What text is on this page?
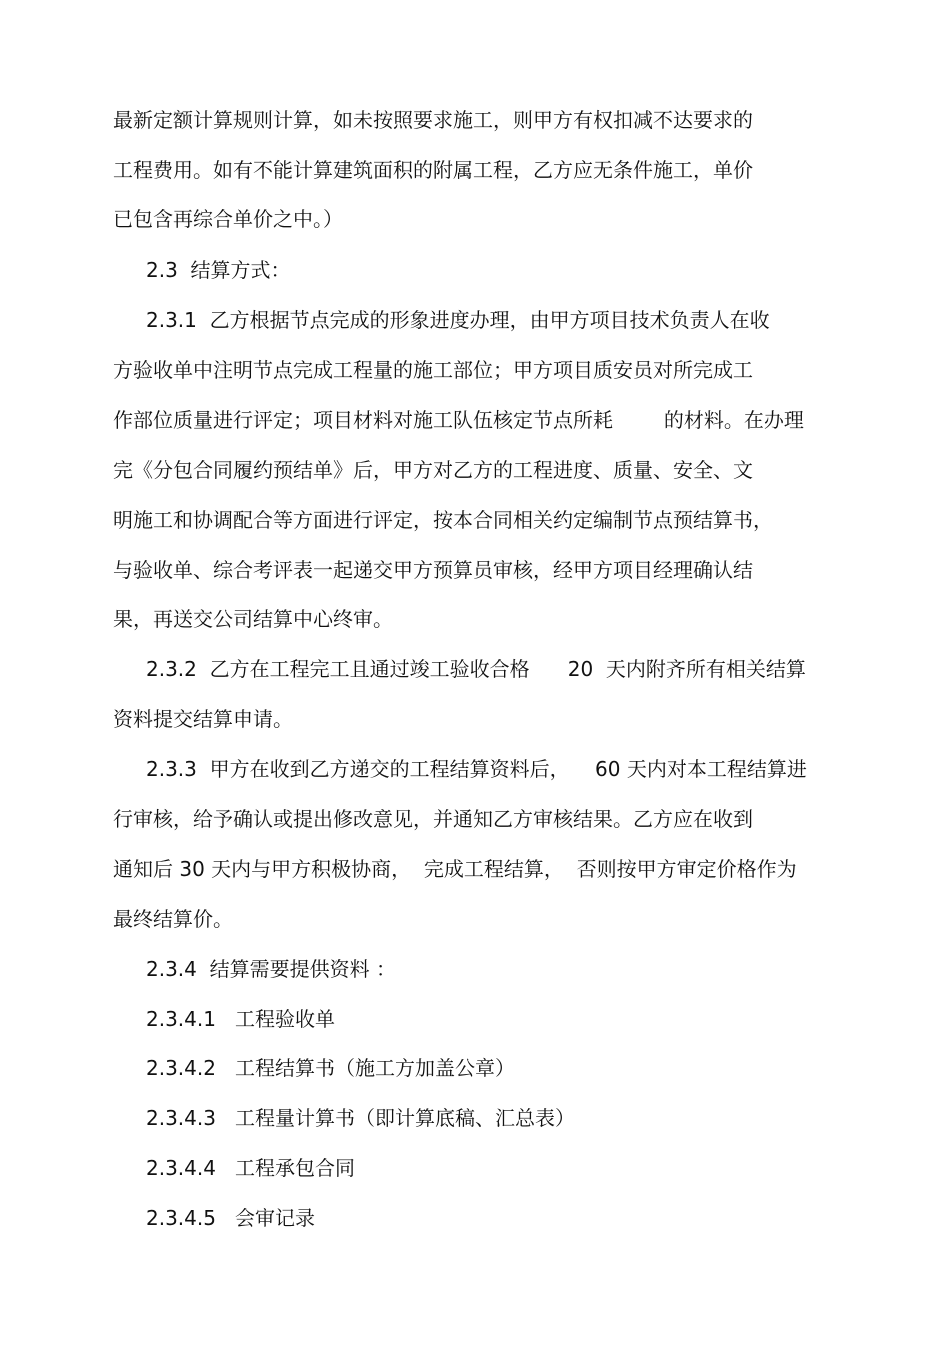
最新定额计算规则计算，如未按照要求施工，则甲方有权扣减不达要求的
工程费用。如有不能计算建筑面积的附属工程，乙方应无条件施工，单价
已包含再综合单价之中。）
2.3  结算方式：
2.3.1  乙方根据节点完成的形象进度办理，由甲方项目技术负责人在收
方验收单中注明节点完成工程量的施工部位；甲方项目质安员对所完成工
作部位质量进行评定；项目材料对施工队伍核定节点所耗        的材料。在办理
完《分包合同履约预结单》后，甲方对乙方的工程进度、质量、安全、文
明施工和协调配合等方面进行评定，按本合同相关约定编制节点预结算书，
与验收单、综合考评表一起递交甲方预算员审核，经甲方项目经理确认结
果，再送交公司结算中心终审。
2.3.2  乙方在工程完工且通过竣工验收合格      20  天内附齐所有相关结算
资料提交结算申请。
2.3.3  甲方在收到乙方递交的工程结算资料后，    60 天内对本工程结算进
行审核，给予确认或提出修改意见，并通知乙方审核结果。乙方应在收到
通知后 30 天内与甲方积极协商，  完成工程结算，  否则按甲方审定价格作为
最终结算价。
2.3.4  结算需要提供资料 ：
2.3.4.1   工程验收单
2.3.4.2   工程结算书（施工方加盖公章）
2.3.4.3   工程量计算书（即计算底稿、汇总表）
2.3.4.4   工程承包合同
2.3.4.5   会审记录
